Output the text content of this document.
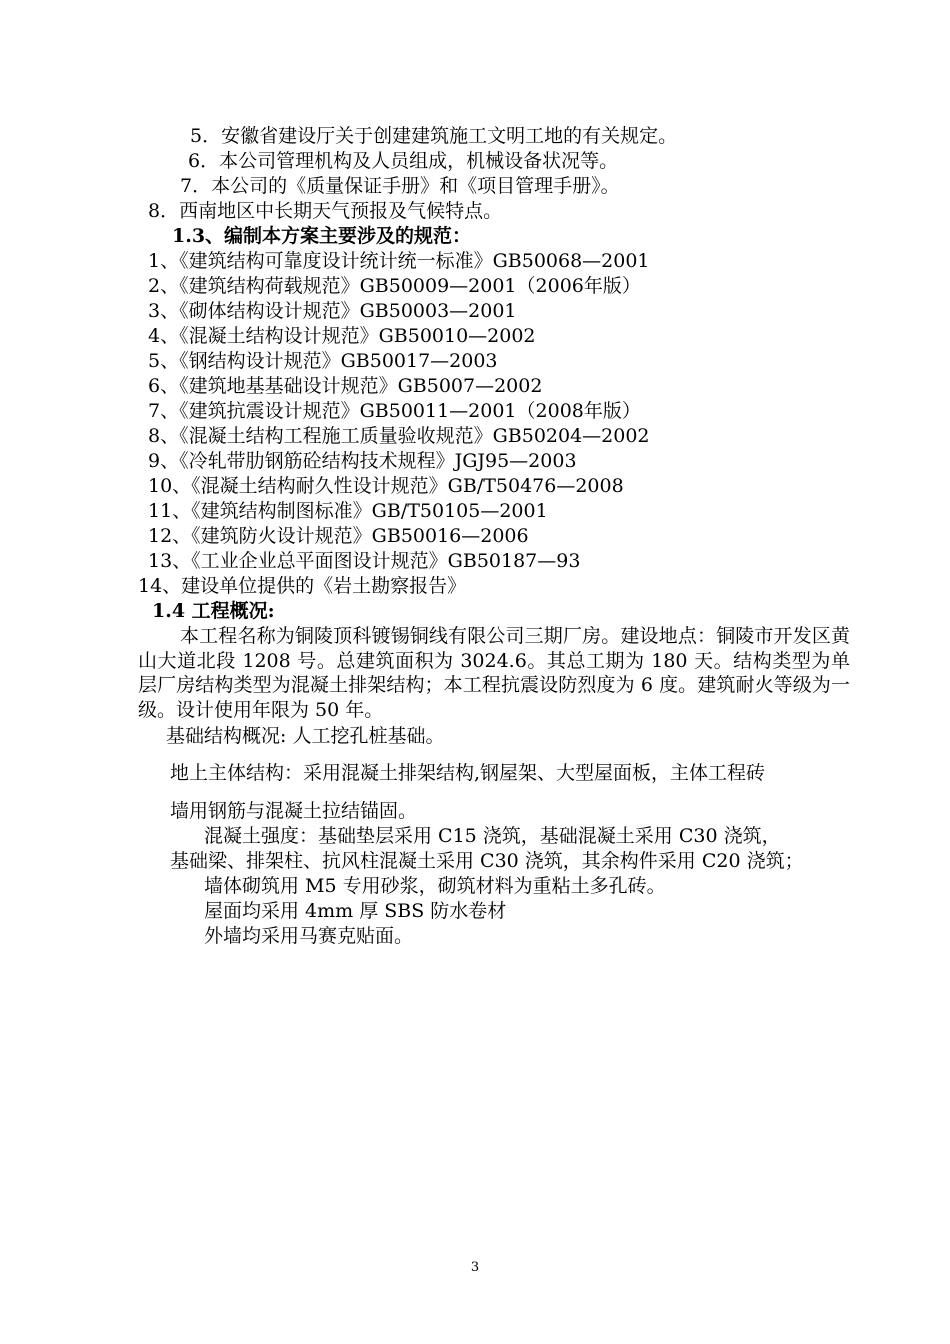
5．安徽省建设厅关于创建建筑施工文明工地的有关规定。
6．本公司管理机构及人员组成，机械设备状况等。
7．本公司的《质量保证手册》和《项目管理手册》。
8．西南地区中长期天气预报及气候特点。
1.3、编制本方案主要涉及的规范：
1、《建筑结构可靠度设计统计统一标准》GB50068—2001
2、《建筑结构荷载规范》GB50009—2001（2006年版）
3、《砌体结构设计规范》GB50003—2001
4、《混凝土结构设计规范》GB50010—2002
5、《钢结构设计规范》GB50017—2003
6、《建筑地基基础设计规范》GB5007—2002
7、《建筑抗震设计规范》GB50011—2001（2008年版）
8、《混凝土结构工程施工质量验收规范》GB50204—2002
9、《冷轧带肋钢筋砼结构技术规程》JGJ95—2003
10、《混凝土结构耐久性设计规范》GB/T50476—2008
11、《建筑结构制图标准》GB/T50105—2001
12、《建筑防火设计规范》GB50016—2006
13、《工业企业总平面图设计规范》GB50187—93
14、建设单位提供的《岩土勘察报告》
1.4 工程概况:
本工程名称为铜陵顶科镀锡铜线有限公司三期厂房。建设地点：铜陵市开发区黄山大道北段 1208 号。总建筑面积为 3024.6。其总工期为 180 天。结构类型为单层厂房结构类型为混凝土排架结构；本工程抗震设防烈度为 6 度。建筑耐火等级为一级。设计使用年限为 50 年。
基础结构概况: 人工挖孔桩基础。
地上主体结构：采用混凝土排架结构,钢屋架、大型屋面板，主体工程砖
墙用钢筋与混凝土拉结锚固。
混凝土强度：基础垫层采用 C15 浇筑，基础混凝土采用 C30 浇筑，
基础梁、排架柱、抗风柱混凝土采用 C30 浇筑，其余构件采用 C20 浇筑；
墙体砌筑用 M5 专用砂浆，砌筑材料为重粘土多孔砖。
屋面均采用 4mm 厚 SBS 防水卷材
外墙均采用马赛克贴面。
3
